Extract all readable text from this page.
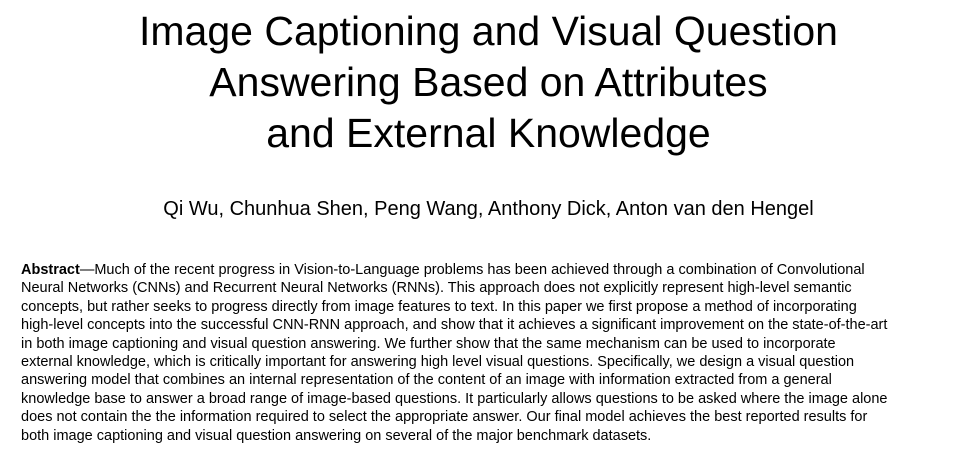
Image Captioning and Visual Question
Answering Based on Attributes
and External Knowledge
Qi Wu, Chunhua Shen, Peng Wang, Anthony Dick, Anton van den Hengel

Abstract—Much of the recent progress in Vision-to-Language problems has been achieved through a combination of Convolutional
Neural Networks (CNNs) and Recurrent Neural Networks (RNNs). This approach does not explicitly represent high-level semantic
concepts, but rather seeks to progress directly from image features to text. In this paper we first propose a method of incorporating
high-level concepts into the successful CNN-RNN approach, and show that it achieves a significant improvement on the state-of-the-art
in both image captioning and visual question answering. We further show that the same mechanism can be used to incorporate
external knowledge, which is critically important for answering high level visual questions. Specifically, we design a visual question
answering model that combines an internal representation of the content of an image with information extracted from a general
knowledge base to answer a broad range of image-based questions. It particularly allows questions to be asked where the image alone
does not contain the the information required to select the appropriate answer. Our final model achieves the best reported results for
both image captioning and visual question answering on several of the major benchmark datasets.
